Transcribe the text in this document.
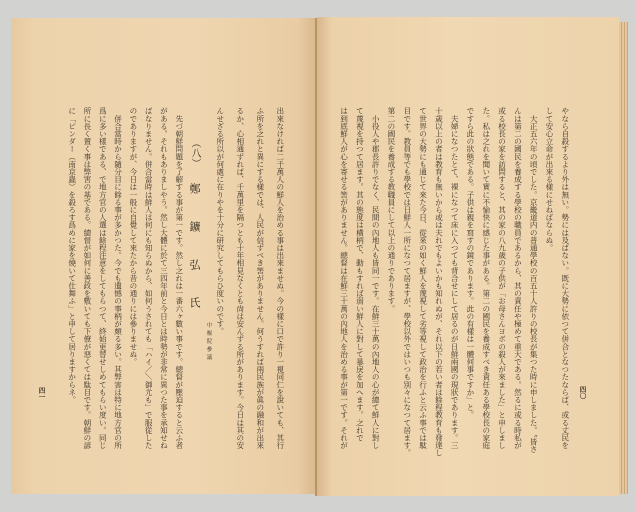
（八）
鄭鑛弘氏
中樞院參議
四一	四〇
出來なければ二千萬人の鮮人を治める事は出來ませぬ。今の樣に口で許り一視同仁を說いても、其行
ふ所を之れと異にする樣では、人民が信ずべき筈がありません。何うすれば兩民族が眞の融和が出來
るか、心相通ずれば、千萬里を隔つとも十年相見なくとも尙は安んずる所があります。今日は其の安
んせざる所以が何處に在りやを十分に研究してもらひ度いのです。
　先づ朝鮮問題を了解する事が第一です。然し之れは一番六ヶ數い事です。總督が壓迫すると云ふ者
がある。それもありましやう。然し大體に於て三四年前と今日とは時勢が非常に異つた事を承知せね
ばなりません。併合當時は鮮人は何にも知らぬから、如何うされても「ハイ／＼御尤も」で服從した
のでありますが、今日は一般に自覺して來たから昔の通りには參りませぬ。
　併合當時から隨分目に餘る事が多かつた。今でも遺憾の事柄が頗る多い。其弊害は特に地方官の所
爲に多い樣である、で地方官の人選は餘程注意をしてもらつて、終始更替せしめてもらい度い。同じ
所に長く置く事は弊害の基である。總督が如何に善政を敷いても下僚が惡くては駄目です。朝鮮の諺
に「ピンダー（南京蟲）を殺ろす爲めに家を燒いて仕舞ふ」と申して居りますからネ。	やなら自殺するより外は無い。勢には及ばない。既に大勢に依つて併合となつたならば、或る丈民を
して安心立命が出來る樣にせねばならぬ。
　大正五六年の頃でした。京畿道内の普通學校の百五十人許りの校長が集つた時に申しました。〝皆さ
んは第二の國民を養成する學校の職員であるから、其の責任や極めて重大である。然るに或る時私が
或る校長の家を訪問すると、其の家の八九歳の子供が「お母さんヨボの殺人が來ました」と申しまし
た。私は之れを聞いて實に不愉快に感じた事がある。第二の國民を養成すべき責任ある學校長の家庭
ですら此の狀態である。子供は親を寫すの鏡であります。此の有樣は一體何事ですか」と。
　夫婦になつたとて、裸になつて床に入つても背合せにして居るのが日鮮兩國の現狀であります。三
十歳以上の者は教育も無いから或は夫れでもよいかも知れぬが、それ以下の若い者は餘程教育も發達し
て世界の大勢にも通じて來た今日、從來の如く鮮人を蔑視して劣等視して政治を行ふと云ふ事では駄
目です。教員等でも學校では日鮮人一所になつて居ますが、學校以外ではいつも別々になつて居ます。
第二の國民を養成する教職員にして以上の通りであります。
　小役人や郡長許りでなく、民間の內地人も皆同一です。在鮮三十萬の內地人の心が總て鮮人に對し
て蔑視を持つて居ます。其の態度は橫柄で、動もすれば弱い鮮人に對して暴戾を加へます。之れで
は到底鮮人が心を寄せる筈がありません。總督は在鮮三十萬の內地人を治める事が第一です。それが
